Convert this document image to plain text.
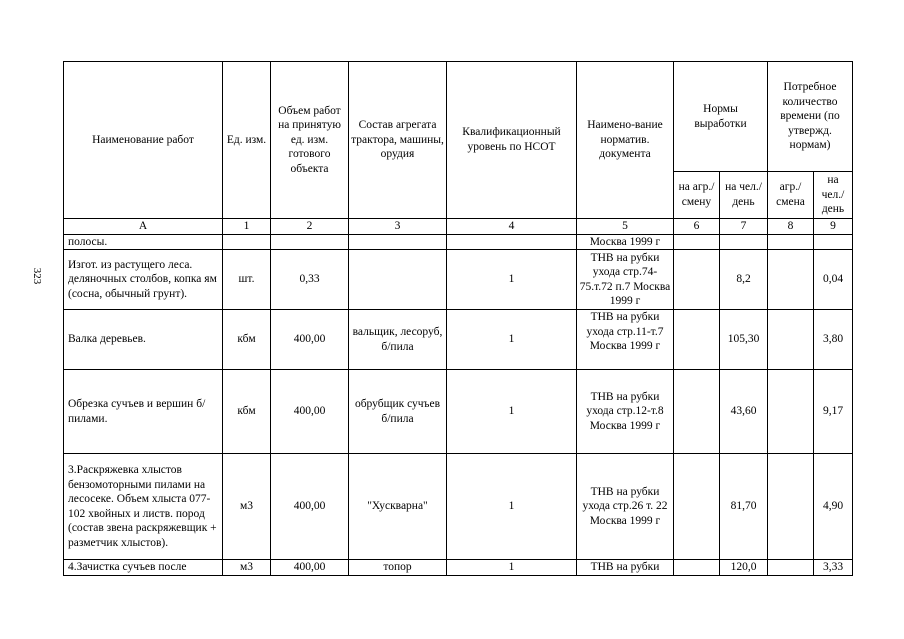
323
Наименование работ	Ед. изм.	Объем работ на принятую ед. изм. готового объекта	Состав агрегата трактора, машины, орудия	Квалификационный уровень по НСОТ	Наимено-вание норматив. документа	Нормы выработки		Потребное количество времени (по утвержд. нормам)	
						на агр./ смену	на чел./ день	агр./ смена	на чел./ день
А	1	2	3	4	5	6	7	8	9
полосы.					Москва 1999 г				
Изгот. из растущего леса. деляночных столбов, копка ям (сосна, обычный грунт).	шт.	0,33		1	ТНВ на рубки ухода стр.74-75.т.72 п.7 Москва 1999 г		8,2		0,04
Валка деревьев.	кбм	400,00	вальщик, лесоруб, б/пила	1	ТНВ на рубки ухода стр.11-т.7 Москва 1999 г		105,30		3,80
Обрезка сучъев и вершин б/пилами.	кбм	400,00	обрубщик сучъев б/пила	1	ТНВ на рубки ухода стр.12-т.8 Москва 1999 г		43,60		9,17
3.Раскряжевка хлыстов бензомоторными пилами на лесосеке. Объем хлыста 077-102 хвойных и листв. пород (состав звена раскряжевщик + разметчик хлыстов).	м3	400,00	"Хускварна"	1	ТНВ на рубки ухода стр.26 т. 22 Москва 1999 г		81,70		4,90
4.Зачистка сучъев после	м3	400,00	топор	1	ТНВ на рубки		120,0		3,33
